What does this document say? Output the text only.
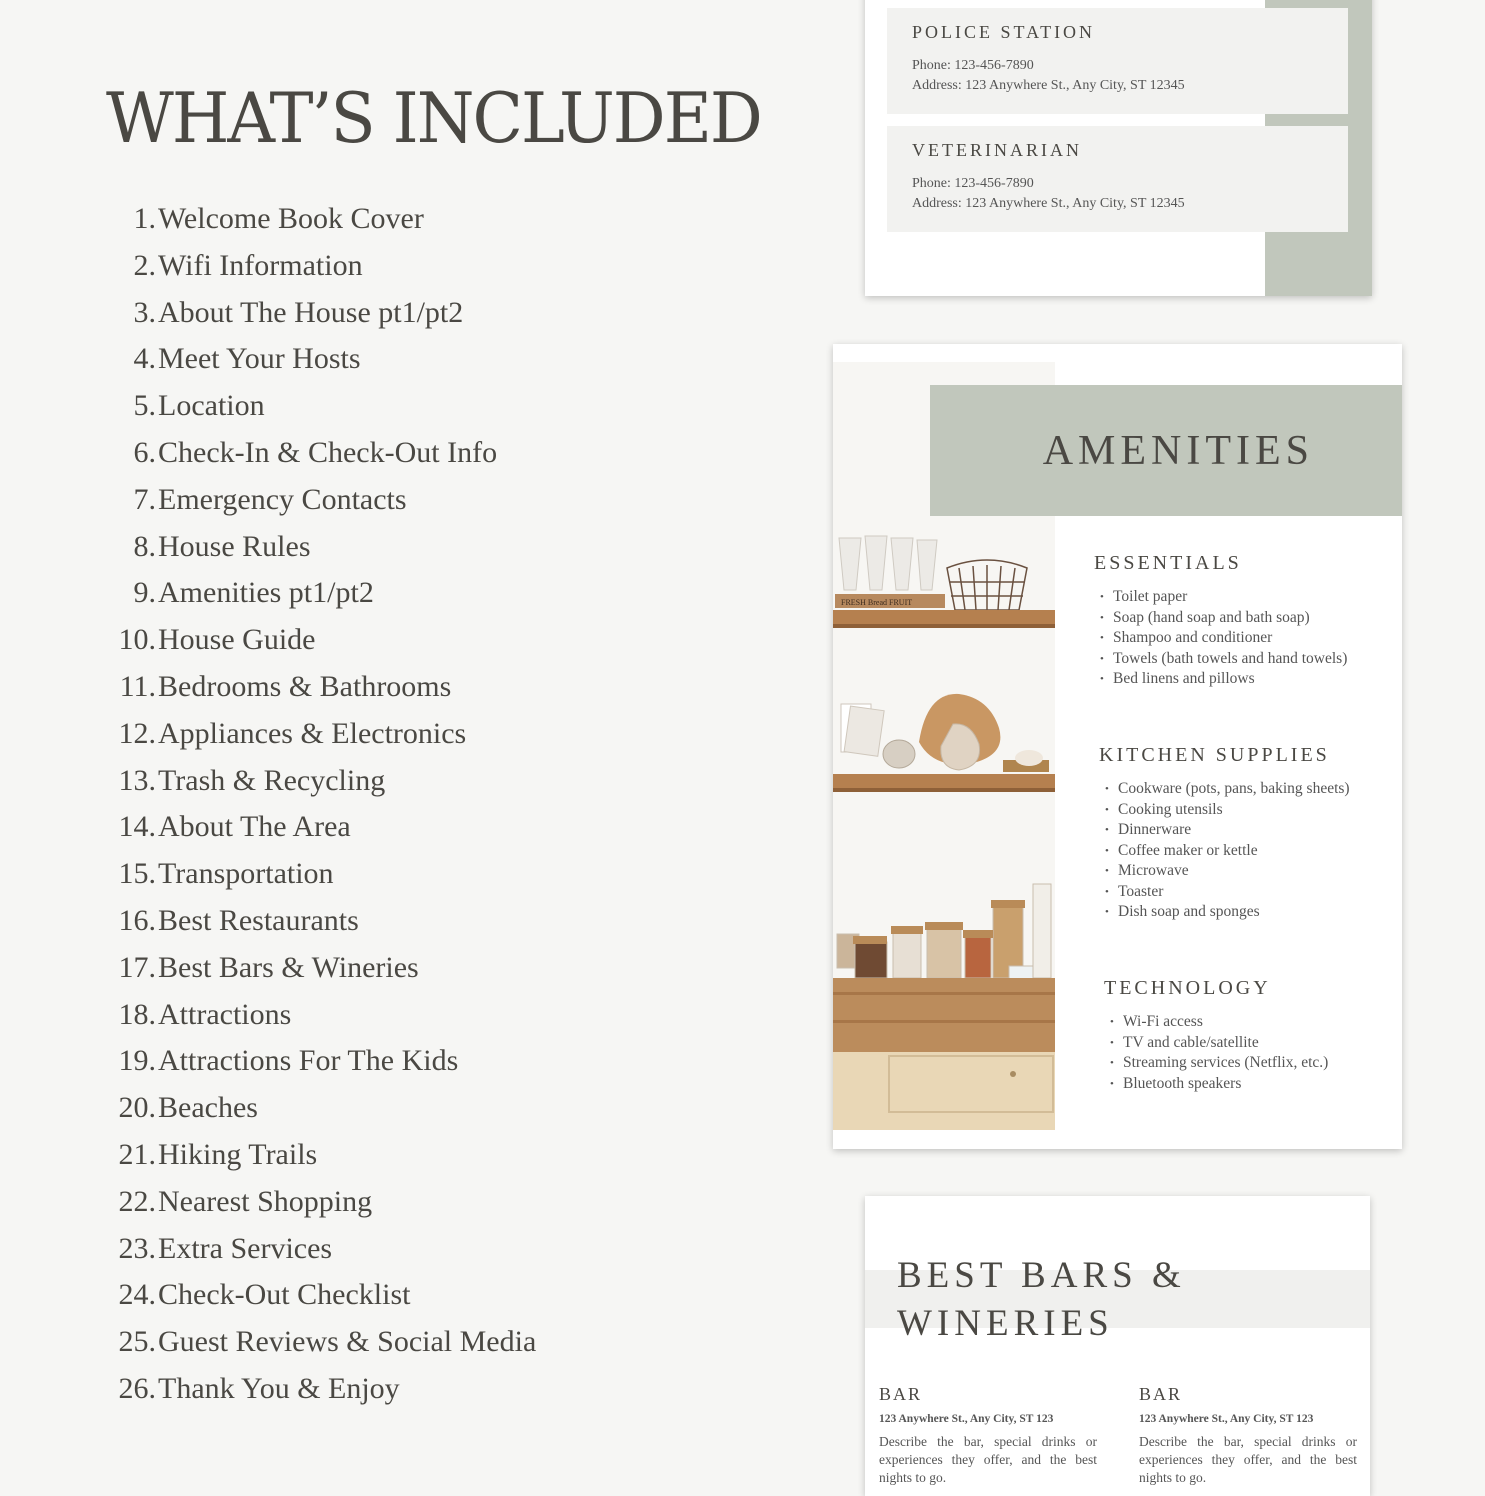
WHAT’S INCLUDED
1. Welcome Book Cover
2. Wifi Information
3. About The House pt1/pt2
4. Meet Your Hosts
5. Location
6. Check-In & Check-Out Info
7. Emergency Contacts
8. House Rules
9. Amenities pt1/pt2
10. House Guide
11. Bedrooms & Bathrooms
12. Appliances & Electronics
13. Trash & Recycling
14. About The Area
15. Transportation
16. Best Restaurants
17. Best Bars & Wineries
18. Attractions
19. Attractions For The Kids
20. Beaches
21. Hiking Trails
22. Nearest Shopping
23. Extra Services
24. Check-Out Checklist
25. Guest Reviews & Social Media
26. Thank You & Enjoy
POLICE STATION

Phone: 123-456-7890

Address: 123 Anywhere St., Any City, ST 12345

VETERINARIAN

Phone: 123-456-7890

Address: 123 Anywhere St., Any City, ST 12345

FRESH Bread FRUIT
AMENITIES
ESSENTIALS
• Toilet paper
• Soap (hand soap and bath soap)
• Shampoo and conditioner
• Towels (bath towels and hand towels)
• Bed linens and pillows
KITCHEN SUPPLIES
• Cookware (pots, pans, baking sheets)
• Cooking utensils
• Dinnerware
• Coffee maker or kettle
• Microwave
• Toaster
• Dish soap and sponges
TECHNOLOGY
• Wi-Fi access
• TV and cable/satellite
• Streaming services (Netflix, etc.)
• Bluetooth speakers
BEST BARS &
WINERIES
BAR

123 Anywhere St., Any City, ST 123

Describe the bar, special drinks or experiences they offer, and the best nights to go.

BAR

123 Anywhere St., Any City, ST 123

Describe the bar, special drinks or experiences they offer, and the best nights to go.
